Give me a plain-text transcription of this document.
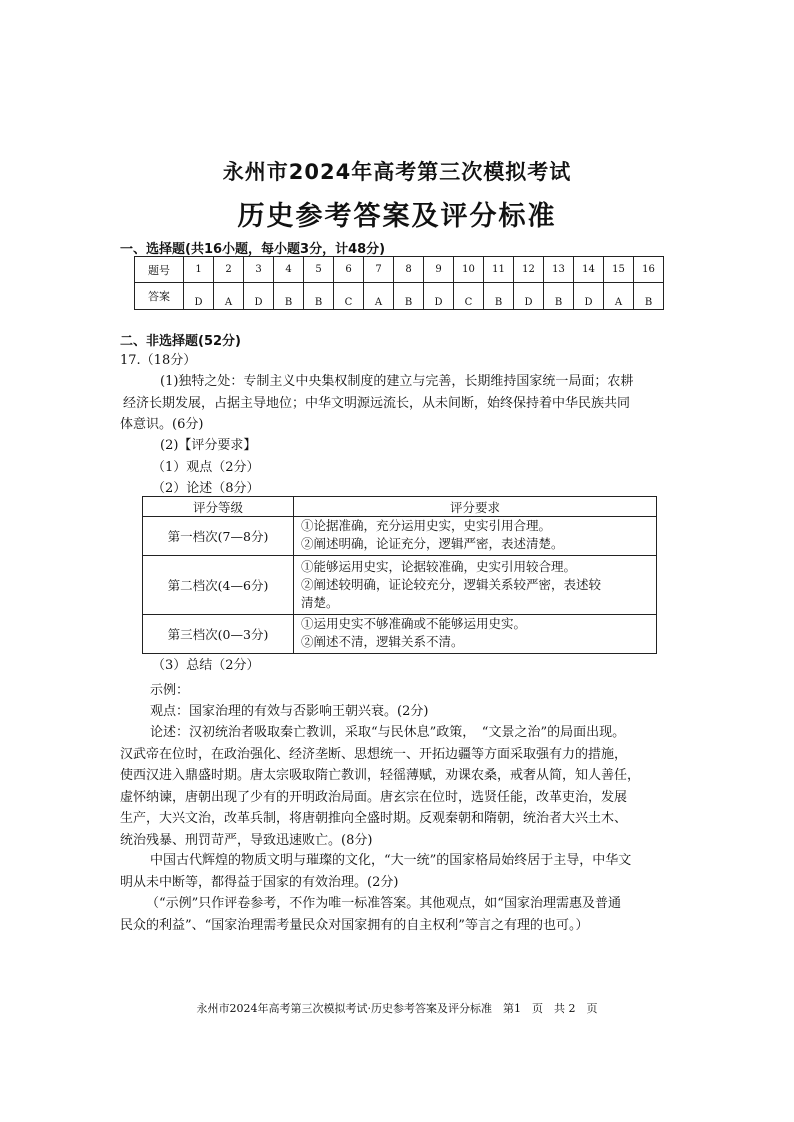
永州市2024年高考第三次模拟考试
历史参考答案及评分标准
一、选择题(共16小题，每小题3分，计48分)
题号	1	2	3	4	5	6	7	8	9	10	11	12	13	14	15	16
答案	D	A	D	B	B	C	A	B	D	C	B	D	B	D	A	B
二、非选择题(52分)
17.（18分）
(1)独特之处：专制主义中央集权制度的建立与完善，长期维持国家统一局面；农耕
经济长期发展，占据主导地位；中华文明源远流长，从未间断，始终保持着中华民族共同
体意识。(6分)
(2)【评分要求】
（1）观点（2分）
（2）论述（8分）
评分等级	评分要求
第一档次(7—8分)	①论据准确，充分运用史实，史实引用合理。
②阐述明确，论证充分，逻辑严密，表述清楚。

第二档次(4—6分)	①能够运用史实，论据较准确，史实引用较合理。
②阐述较明确，证论较充分，逻辑关系较严密，表述较
清楚。

第三档次(0—3分)	①运用史实不够准确或不能够运用史实。
②阐述不清，逻辑关系不清。
（3）总结（2分）
示例：
观点：国家治理的有效与否影响王朝兴衰。(2分)
论述：汉初统治者吸取秦亡教训，采取“与民休息”政策，　“文景之治”的局面出现。
汉武帝在位时，在政治强化、经济垄断、思想统一、开拓边疆等方面采取强有力的措施，
使西汉进入鼎盛时期。唐太宗吸取隋亡教训，轻徭薄赋，劝课农桑，戒奢从简，知人善任，
虚怀纳谏，唐朝出现了少有的开明政治局面。唐玄宗在位时，选贤任能，改革吏治，发展
生产，大兴文治，改革兵制，将唐朝推向全盛时期。反观秦朝和隋朝，统治者大兴土木、
统治残暴、刑罚苛严，导致迅速败亡。(8分)
中国古代辉煌的物质文明与璀璨的文化，“大一统”的国家格局始终居于主导，中华文
明从未中断等，都得益于国家的有效治理。(2分)
（“示例”只作评卷参考，不作为唯一标准答案。其他观点，如“国家治理需惠及普通
民众的利益”、“国家治理需考量民众对国家拥有的自主权利”等言之有理的也可。）
永州市2024年高考第三次模拟考试·历史参考答案及评分标准　第1　页　共 2　页
